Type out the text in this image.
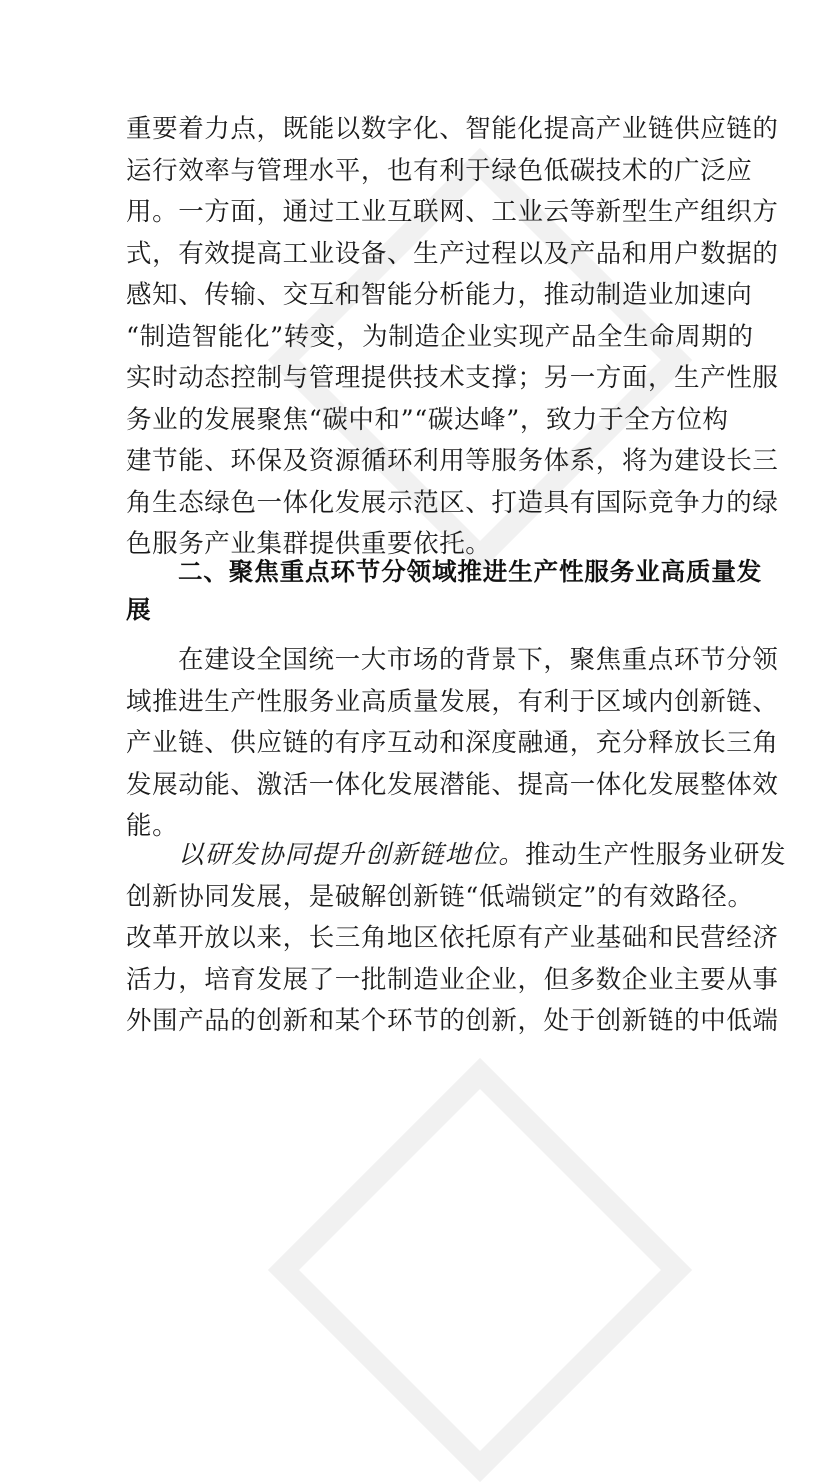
重要着力点，既能以数字化、智能化提高产业链供应链的
运行效率与管理水平，也有利于绿色低碳技术的广泛应
用。一方面，通过工业互联网、工业云等新型生产组织方
式，有效提高工业设备、生产过程以及产品和用户数据的
感知、传输、交互和智能分析能力，推动制造业加速向
“制造智能化”转变，为制造企业实现产品全生命周期的
实时动态控制与管理提供技术支撑；另一方面，生产性服
务业的发展聚焦“碳中和”“碳达峰”，致力于全方位构
建节能、环保及资源循环利用等服务体系，将为建设长三
角生态绿色一体化发展示范区、打造具有国际竞争力的绿
色服务产业集群提供重要依托。
二、聚焦重点环节分领域推进生产性服务业高质量发
展
在建设全国统一大市场的背景下，聚焦重点环节分领
域推进生产性服务业高质量发展，有利于区域内创新链、
产业链、供应链的有序互动和深度融通，充分释放长三角
发展动能、激活一体化发展潜能、提高一体化发展整体效
能。
以研发协同提升创新链地位。推动生产性服务业研发
创新协同发展，是破解创新链“低端锁定”的有效路径。
改革开放以来，长三角地区依托原有产业基础和民营经济
活力，培育发展了一批制造业企业，但多数企业主要从事
外围产品的创新和某个环节的创新，处于创新链的中低端
